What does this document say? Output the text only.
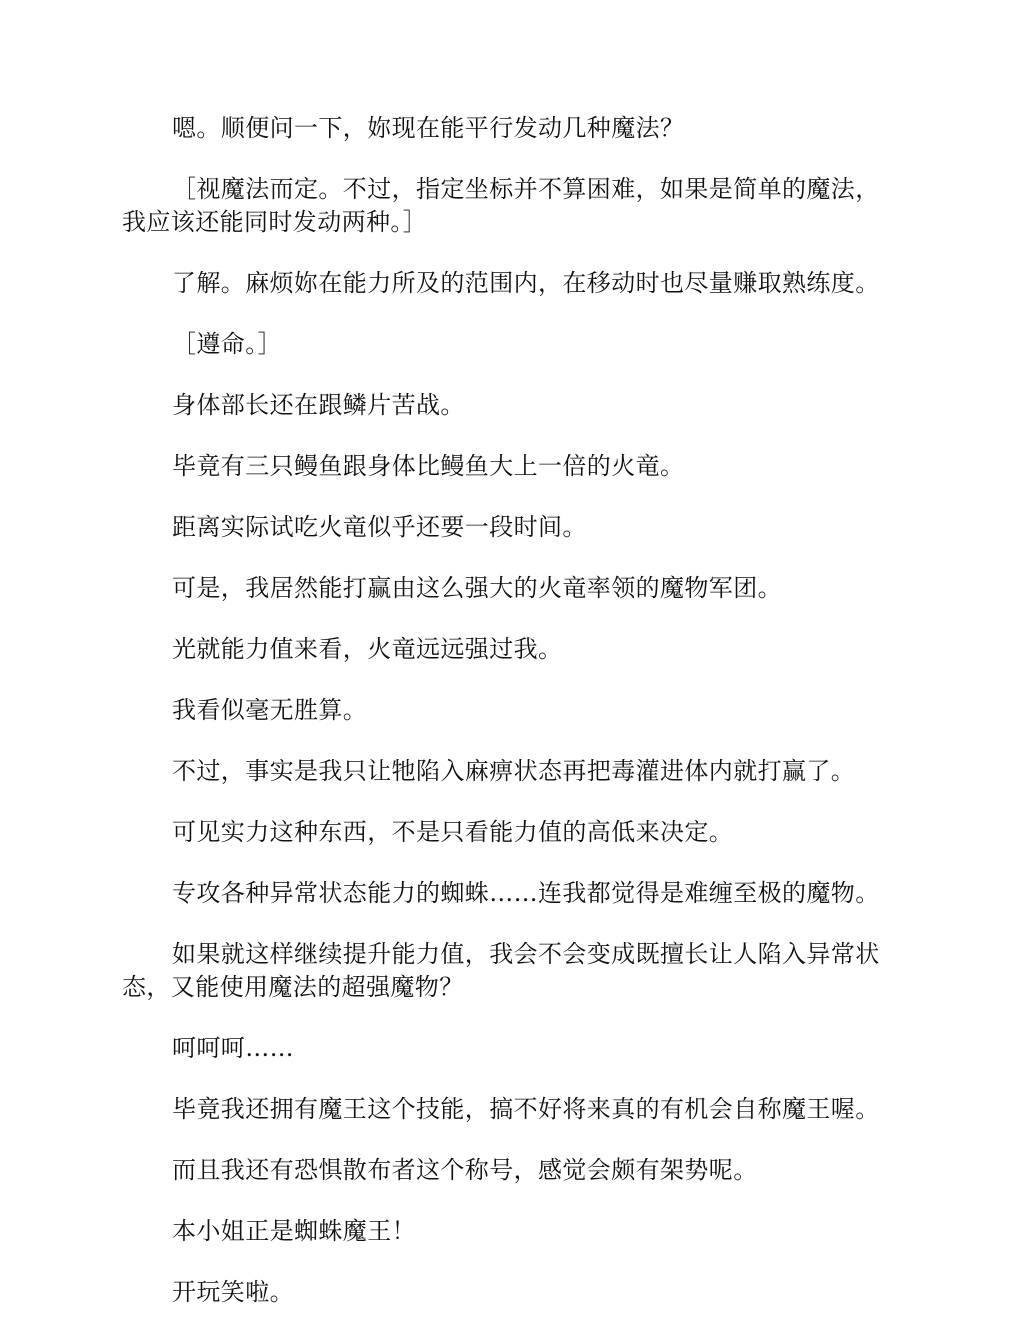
嗯。顺便问一下，妳现在能平行发动几种魔法？

［视魔法而定。不过，指定坐标并不算困难，如果是简单的魔法，我应该还能同时发动两种。］

了解。麻烦妳在能力所及的范围内，在移动时也尽量赚取熟练度。

［遵命。］

身体部长还在跟鳞片苦战。

毕竟有三只鳗鱼跟身体比鳗鱼大上一倍的火竜。

距离实际试吃火竜似乎还要一段时间。

可是，我居然能打赢由这么强大的火竜率领的魔物军团。

光就能力值来看，火竜远远强过我。

我看似毫无胜算。

不过，事实是我只让牠陷入麻痹状态再把毒灌进体内就打赢了。

可见实力这种东西，不是只看能力值的高低来决定。

专攻各种异常状态能力的蜘蛛……连我都觉得是难缠至极的魔物。

如果就这样继续提升能力值，我会不会变成既擅长让人陷入异常状态，又能使用魔法的超强魔物？

呵呵呵……

毕竟我还拥有魔王这个技能，搞不好将来真的有机会自称魔王喔。

而且我还有恐惧散布者这个称号，感觉会颇有架势呢。

本小姐正是蜘蛛魔王！

开玩笑啦。
